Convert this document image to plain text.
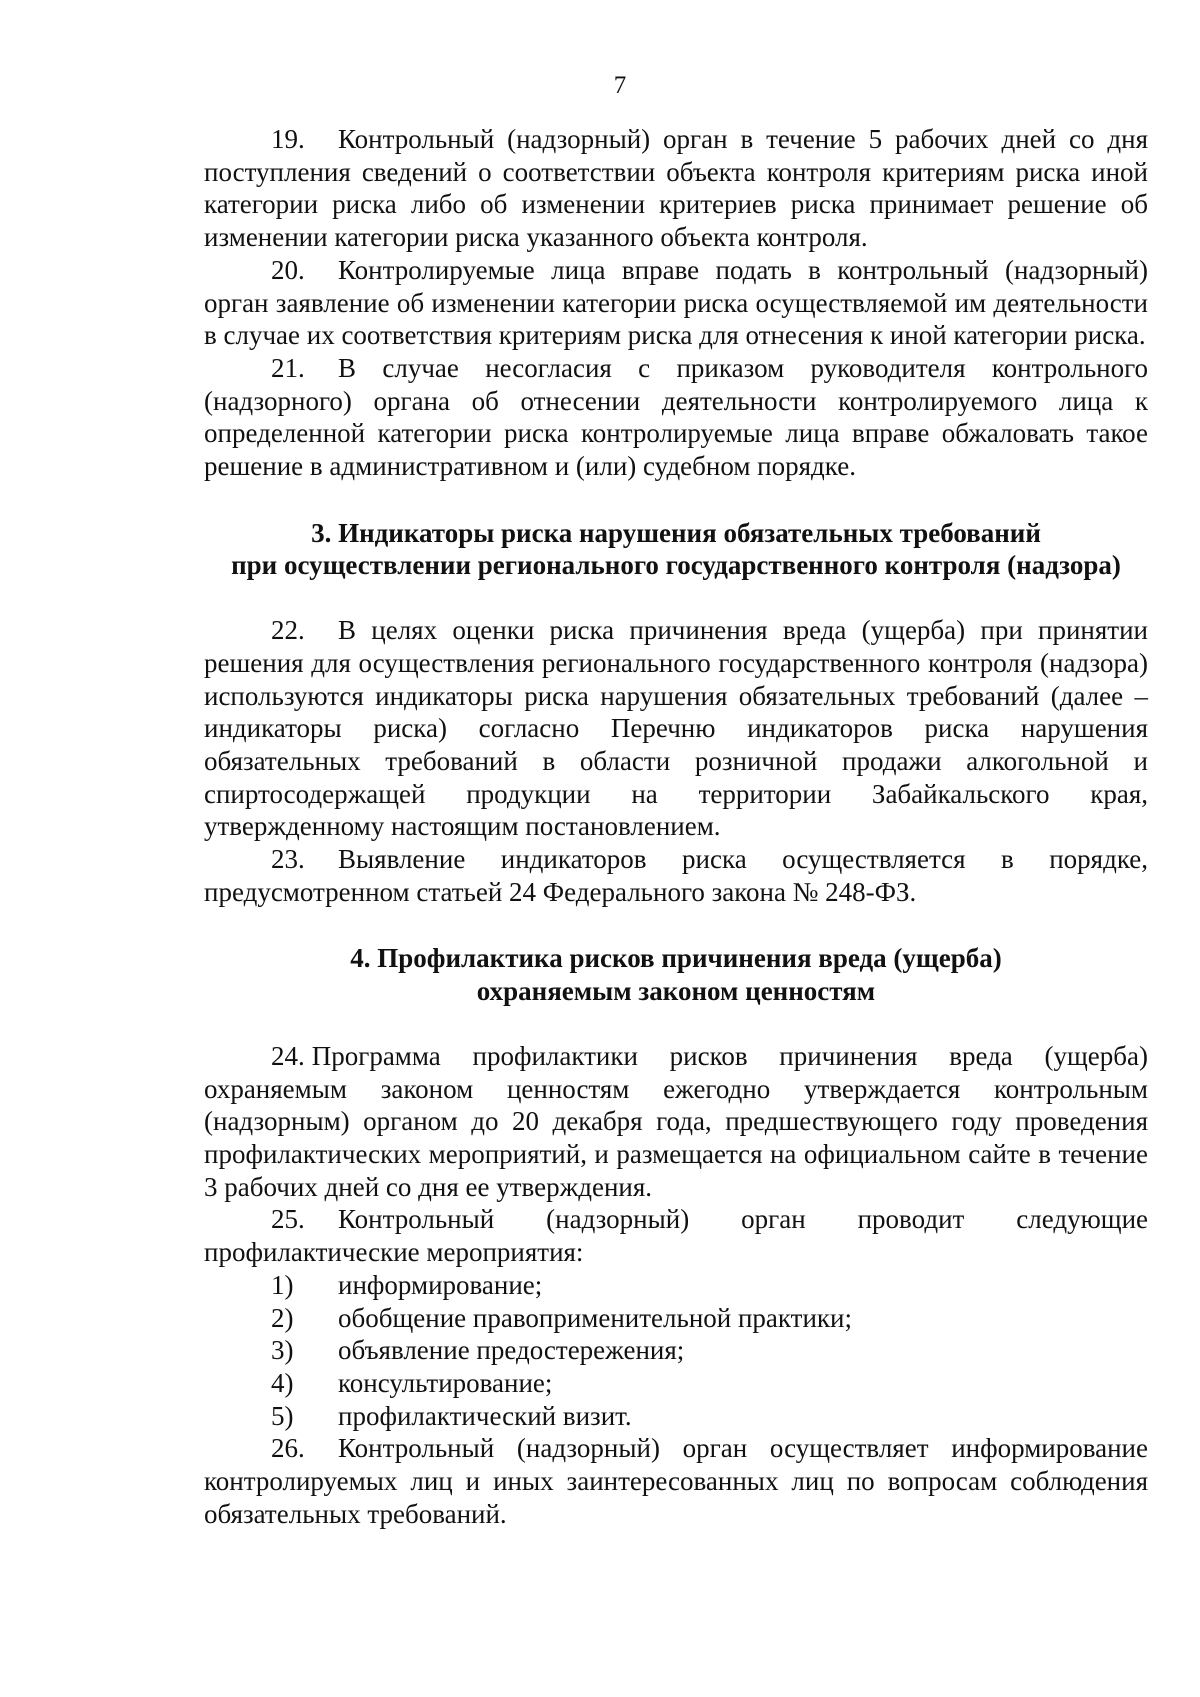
7

19. Контрольный (надзорный) орган в течение 5 рабочих дней со дня поступления сведений о соответствии объекта контроля критериям риска иной категории риска либо об изменении критериев риска принимает решение об изменении категории риска указанного объекта контроля.

20. Контролируемые лица вправе подать в контрольный (надзорный) орган заявление об изменении категории риска осуществляемой им деятельности в случае их соответствия критериям риска для отнесения к иной категории риска.

21. В случае несогласия с приказом руководителя контрольного (надзорного) органа об отнесении деятельности контролируемого лица к определенной категории риска контролируемые лица вправе обжаловать такое решение в административном и (или) судебном порядке.

3. Индикаторы риска нарушения обязательных требований
при осуществлении регионального государственного контроля (надзора)

22. В целях оценки риска причинения вреда (ущерба) при принятии решения для осуществления регионального государственного контроля (надзора) используются индикаторы риска нарушения обязательных требований (далее – индикаторы риска) согласно Перечню индикаторов риска нарушения обязательных требований в области розничной продажи алкогольной и спиртосодержащей продукции на территории Забайкальского края, утвержденному настоящим постановлением.

23. Выявление индикаторов риска осуществляется в порядке, предусмотренном статьей 24 Федерального закона № 248-ФЗ.

4. Профилактика рисков причинения вреда (ущерба)
охраняемым законом ценностям

24. Программа профилактики рисков причинения вреда (ущерба) охраняемым законом ценностям ежегодно утверждается контрольным (надзорным) органом до 20 декабря года, предшествующего году проведения профилактических мероприятий, и размещается на официальном сайте в течение 3 рабочих дней со дня ее утверждения.

25. Контрольный (надзорный) орган проводит следующие профилактические мероприятия:

1)	информирование;

2)	обобщение правоприменительной практики;

3)	объявление предостережения;

4)	консультирование;

5)	профилактический визит.

26. Контрольный (надзорный) орган осуществляет информирование контролируемых лиц и иных заинтересованных лиц по вопросам соблюдения обязательных требований.
